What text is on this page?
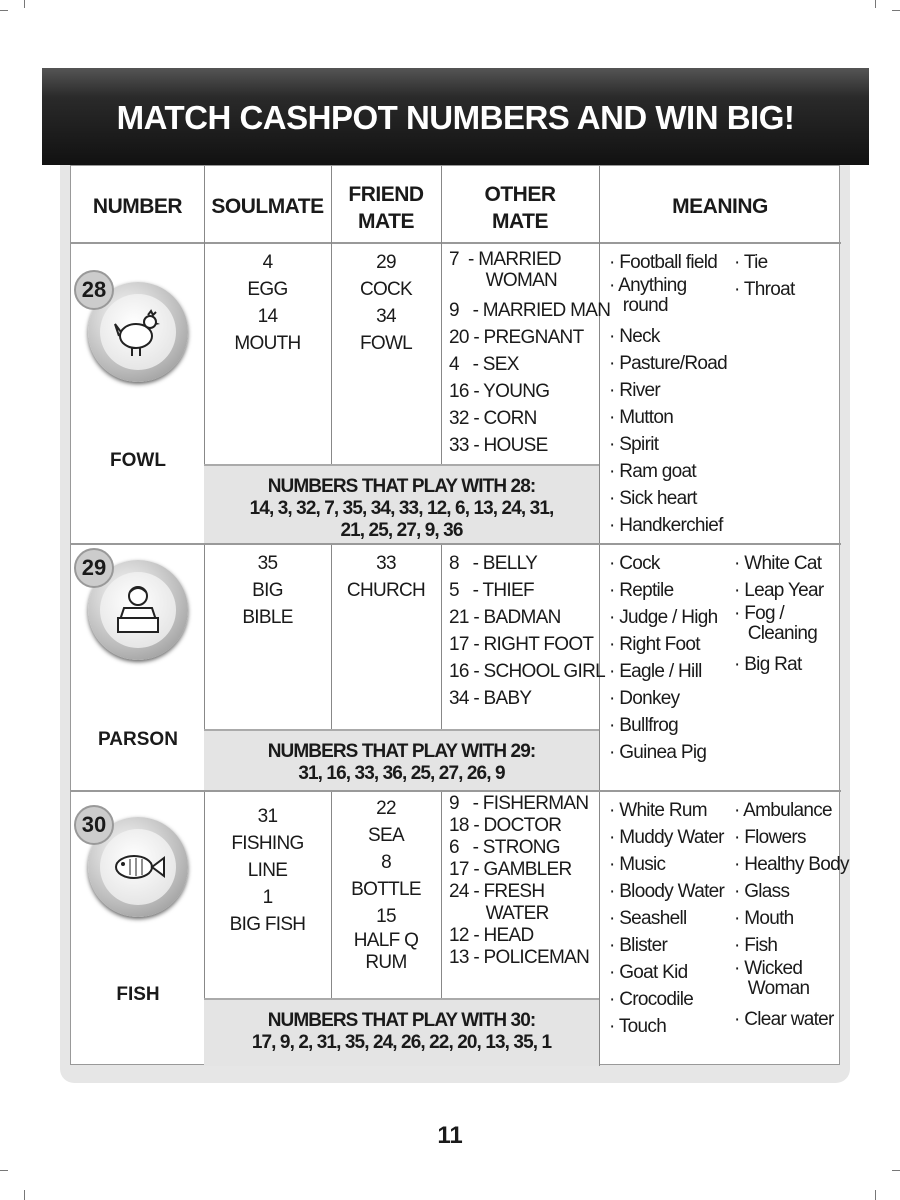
MATCH CASHPOT NUMBERS AND WIN BIG!
NUMBER	SOULMATE
FRIEND
MATE
OTHER
MATE
MEANING
28
FOWL
4
EGG
14
MOUTH
29
COCK
34
FOWL
7  - MARRIED
WOMAN
9   - MARRIED MAN
20 - PREGNANT
4   - SEX
16 - YOUNG
32 - CORN
33 - HOUSE
· Football field
· Anything
round
· Neck
· Pasture/Road
· River
· Mutton
· Spirit
· Ram goat
· Sick heart
· Handkerchief
· Tie
· Throat
NUMBERS THAT PLAY WITH 28:
14, 3, 32, 7, 35, 34, 33, 12, 6, 13, 24, 31,
21, 25, 27, 9, 36
29
PARSON
35
BIG
BIBLE
33
CHURCH
8   - BELLY
5   - THIEF
21 - BADMAN
17 - RIGHT FOOT
16 - SCHOOL GIRL
34 - BABY
· Cock
· Reptile
· Judge / High
· Right Foot
· Eagle / Hill
· Donkey
· Bullfrog
· Guinea Pig
· White Cat
· Leap Year
· Fog /
Cleaning
· Big Rat
NUMBERS THAT PLAY WITH 29:
31, 16, 33, 36, 25, 27, 26, 9
30
FISH
31
FISHING
LINE
1
BIG FISH
22
SEA
8
BOTTLE
15
HALF Q
RUM
9   - FISHERMAN
18 - DOCTOR
6   - STRONG
17 - GAMBLER
24 - FRESH
WATER
12 - HEAD
13 - POLICEMAN
· White Rum
· Muddy Water
· Music
· Bloody Water
· Seashell
· Blister
· Goat Kid
· Crocodile
· Touch
· Ambulance
· Flowers
· Healthy Body
· Glass
· Mouth
· Fish
· Wicked
Woman
· Clear water
NUMBERS THAT PLAY WITH 30:
17, 9, 2, 31, 35, 24, 26, 22, 20, 13, 35, 1
11
